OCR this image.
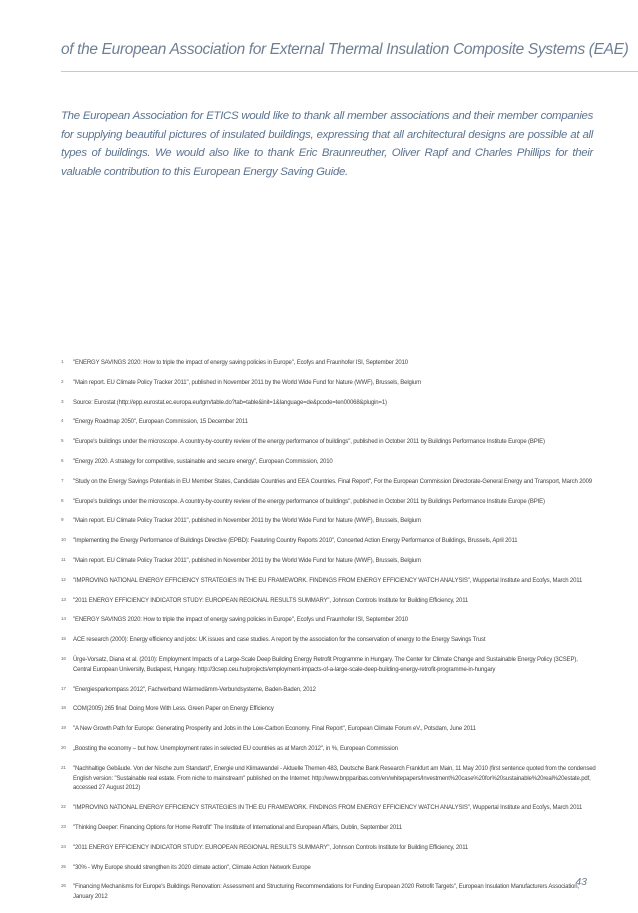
of the European Association for External Thermal Insulation Composite Systems (EAE)

The European Association for ETICS would like to thank all member associations and their member companies for supplying beautiful pictures of insulated buildings, expressing that all architectural designs are possible at all types of buildings. We would also like to thank Eric Braunreuther, Oliver Rapf and Charles Phillips for their valuable contribution to this European Energy Saving Guide.

1 "ENERGY SAVINGS 2020: How to triple the impact of energy saving policies in Europe", Ecofys and Fraunhofer ISI, September 2010
2 "Main report. EU Climate Policy Tracker 2011", published in November 2011 by the World Wide Fund for Nature (WWF), Brussels, Belgium
3 Source: Eurostat (http://epp.eurostat.ec.europa.eu/tgm/table.do?tab=table&init=1&language=de&pcode=ten00068&plugin=1)
4 "Energy Roadmap 2050", European Commission, 15 December 2011
5 "Europe's buildings under the microscope. A country-by-country review of the energy performance of buildings", published in October 2011 by Buildings Performance Institute Europe (BPIE)
6 "Energy 2020. A strategy for competitive, sustainable and secure energy", European Commission, 2010
7 "Study on the Energy Savings Potentials in EU Member States, Candidate Countries and EEA Countries. Final Report", For the European Commission Directorate-General Energy and Transport, March 2009
8 "Europe's buildings under the microscope. A country-by-country review of the energy performance of buildings", published in October 2011 by Buildings Performance Institute Europe (BPIE)
9 "Main report. EU Climate Policy Tracker 2011", published in November 2011 by the World Wide Fund for Nature (WWF), Brussels, Belgium
10 "Implementing the Energy Performance of Buildings Directive (EPBD): Featuring Country Reports 2010", Concerted Action Energy Performance of Buildings, Brussels, April 2011
11 "Main report. EU Climate Policy Tracker 2011", published in November 2011 by the World Wide Fund for Nature (WWF), Brussels, Belgium
12 "IMPROVING NATIONAL ENERGY EFFICIENCY STRATEGIES IN THE EU FRAMEWORK. FINDINGS FROM ENERGY EFFICIENCY WATCH ANALYSIS", Wuppertal Institute and Ecofys, March 2011
13 "2011 ENERGY EFFICIENCY INDICATOR STUDY: EUROPEAN REGIONAL RESULTS SUMMARY", Johnson Controls Institute for Building Efficiency, 2011
14 "ENERGY SAVINGS 2020: How to triple the impact of energy saving policies in Europe", Ecofys und Fraunhofer ISI, September 2010
15 ACE research (2000): Energy efficiency and jobs: UK issues and case studies. A report by the association for the conservation of energy to the Energy Savings Trust
16 Ürge-Vorsatz, Diana et al. (2010): Employment Impacts of a Large-Scale Deep Building Energy Retrofit Programme in Hungary. The Center for Climate Change and Sustainable Energy Policy (3CSEP), Central European University, Budapest, Hungary. http://3csep.ceu.hu/projects/employment-impacts-of-a-large-scale-deep-building-energy-retrofit-programme-in-hungary
17 "Energiesparkompass 2012", Fachverband Wärmedämm-Verbundsysteme, Baden-Baden, 2012
18 COM(2005) 265 final: Doing More With Less. Green Paper on Energy Efficiency
19 "A New Growth Path for Europe: Generating Prosperity and Jobs in the Low-Carbon Economy. Final Report", European Climate Forum eV., Potsdam, June 2011
20 „Boosting the economy – but how. Unemployment rates in selected EU countries as at March 2012", in %, European Commission
21 "Nachhaltige Gebäude. Von der Nische zum Standard", Energie und Klimawandel - Aktuelle Themen 483, Deutsche Bank Research Frankfurt am Main, 11 May 2010 (first sentence quoted from the condensed English version: "Sustainable real estate. From niche to mainstream" published on the Internet: http://www.bnpparibas.com/en/whitepapers/Investment%20case%20for%20sustainable%20real%20estate.pdf, accessed 27 August 2012)
22 "IMPROVING NATIONAL ENERGY EFFICIENCY STRATEGIES IN THE EU FRAMEWORK. FINDINGS FROM ENERGY EFFICIENCY WATCH ANALYSIS", Wuppertal Institute and Ecofys, March 2011
23 "Thinking Deeper: Financing Options for Home Retrofit" The Institute of International and European Affairs, Dublin, September 2011
24 "2011 ENERGY EFFICIENCY INDICATOR STUDY: EUROPEAN REGIONAL RESULTS SUMMARY", Johnson Controls Institute for Building Efficiency, 2011
25 "30% - Why Europe should strengthen its 2020 climate action", Climate Action Network Europe
26 "Financing Mechanisms for Europe's Buildings Renovation: Assessment and Structuring Recommendations for Funding European 2020 Retrofit Targets", European Insulation Manufacturers Association, January 2012
43
